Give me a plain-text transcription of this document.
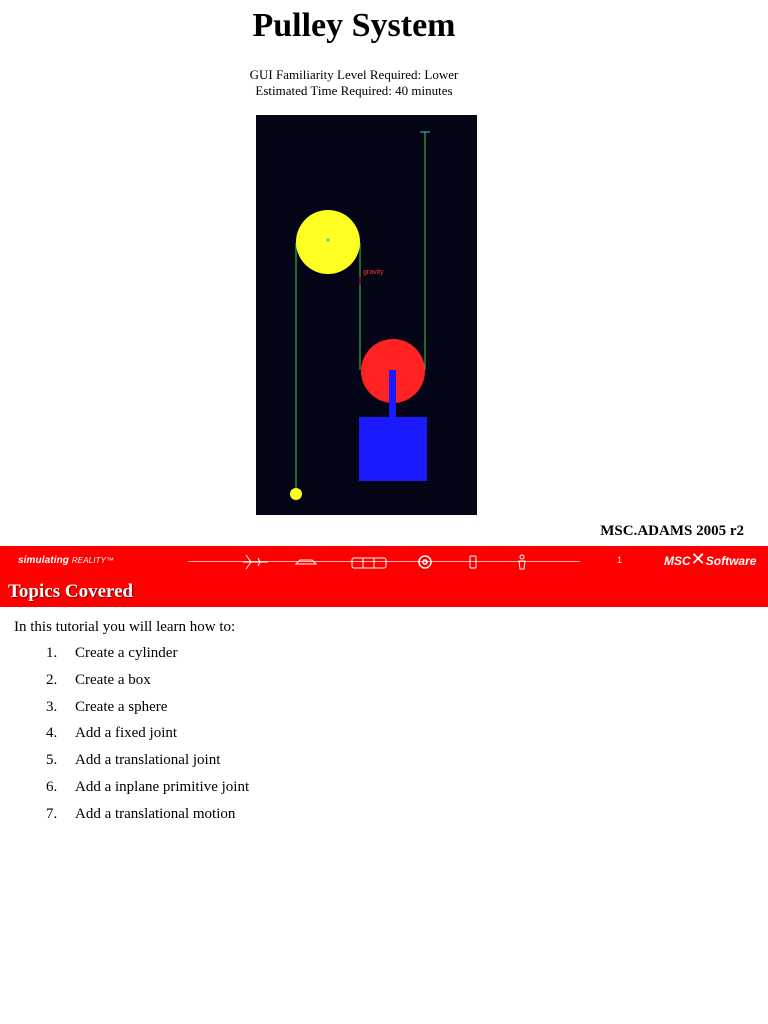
Pulley System
GUI Familiarity Level Required: Lower
Estimated Time Required: 40 minutes
gravity
MSC.ADAMS 2005 r2
simulating REALITY™	1	MSC✕Software
Topics Covered
In this tutorial you will learn how to:
1.	Create a cylinder
2.	Create a box
3.	Create a sphere
4.	Add a fixed joint
5.	Add a translational joint
6.	Add a inplane primitive joint
7.	Add a translational motion
